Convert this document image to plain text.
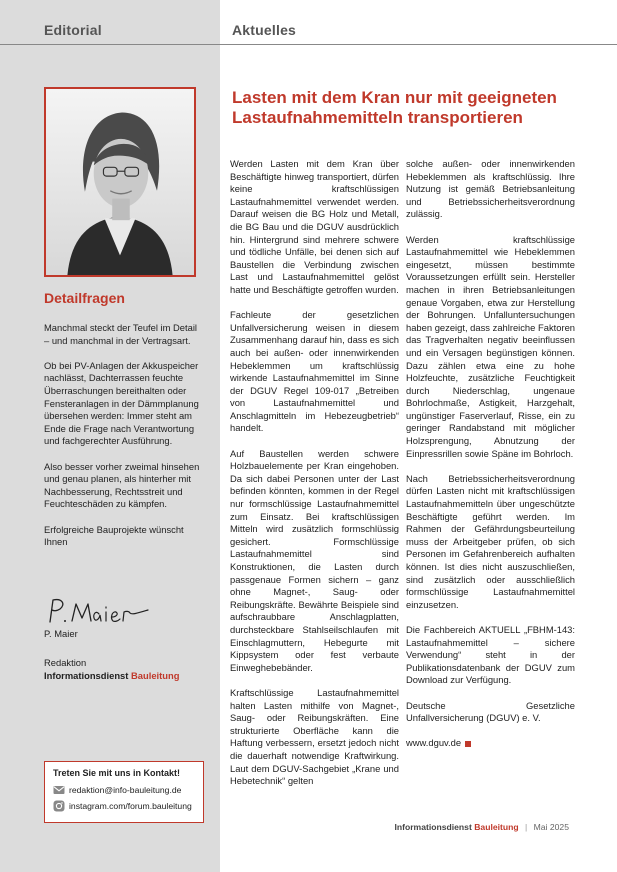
Editorial
Detailfragen

Manchmal steckt der Teufel im Detail – und manchmal in der Vertragsart.

Ob bei PV-Anlagen der Akkuspeicher nachlässt, Dachterrassen feuchte Überraschungen bereithalten oder Fensteranlagen in der Dämmplanung übersehen werden: Immer steht am Ende die Frage nach Verantwortung und fachgerechter Ausführung.

Also besser vorher zweimal hinsehen und genau planen, als hinterher mit Nachbesserung, Rechtsstreit und Feuchteschäden zu kämpfen.

Erfolgreiche Bauprojekte wünscht Ihnen

P. Maier
Redaktion
Informationsdienst Bauleitung
Treten Sie mit uns in Kontakt!
redaktion@info-bauleitung.de
instagram.com/forum.bauleitung
Aktuelles
Lasten mit dem Kran nur mit geeigneten Lastaufnahmemitteln transportieren

Werden Lasten mit dem Kran über Beschäftigte hinweg transportiert, dürfen keine kraftschlüssigen Lastaufnahmemittel verwendet werden. Darauf weisen die BG Holz und Metall, die BG Bau und die DGUV ausdrücklich hin. Hintergrund sind mehrere schwere und tödliche Unfälle, bei denen sich auf Baustellen die Verbindung zwischen Last und Lastaufnahmemittel gelöst hatte und Beschäftigte getroffen wurden.

Fachleute der gesetzlichen Unfallversicherung weisen in diesem Zusammenhang darauf hin, dass es sich auch bei außen- oder innenwirkenden Hebeklemmen um kraftschlüssig wirkende Lastaufnahmemittel im Sinne der DGUV Regel 109-017 „Betreiben von Lastaufnahmemittel und Anschlagmitteln im Hebezeugbetrieb“ handelt.

Auf Baustellen werden schwere Holzbauelemente per Kran eingehoben. Da sich dabei Personen unter der Last befinden könnten, kommen in der Regel nur formschlüssige Lastaufnahmemittel zum Einsatz. Bei kraftschlüssigen Mitteln wird zusätzlich formschlüssig gesichert. Formschlüssige Lastaufnahmemittel sind Konstruktionen, die Lasten durch passgenaue Formen sichern – ganz ohne Magnet-, Saug- oder Reibungskräfte. Bewährte Beispiele sind aufschraubbare Anschlagplatten, durchsteckbare Stahlseilschlaufen mit Einschlagmuttern, Hebegurte mit Kippsystem oder fest verbaute Einweghebebänder.

Kraftschlüssige Lastaufnahmemittel halten Lasten mithilfe von Magnet-, Saug- oder Reibungskräften. Eine strukturierte Oberfläche kann die Haftung verbessern, ersetzt jedoch nicht die dauerhaft notwendige Kraftwirkung. Laut dem DGUV-Sachgebiet „Krane und Hebetechnik“ gelten

solche außen- oder innenwirkenden Hebeklemmen als kraftschlüssig. Ihre Nutzung ist gemäß Betriebsanleitung und Betriebssicherheitsverordnung zulässig.

Werden kraftschlüssige Lastaufnahmemittel wie Hebeklemmen eingesetzt, müssen bestimmte Voraussetzungen erfüllt sein. Hersteller machen in ihren Betriebsanleitungen genaue Vorgaben, etwa zur Herstellung der Bohrungen. Unfalluntersuchungen haben gezeigt, dass zahlreiche Faktoren das Tragverhalten negativ beeinflussen und ein Versagen begünstigen können. Dazu zählen etwa eine zu hohe Holzfeuchte, zusätzliche Feuchtigkeit durch Niederschlag, ungenaue Bohrlochmaße, Astigkeit, Harzgehalt, ungünstiger Faserverlauf, Risse, ein zu geringer Randabstand mit möglicher Holzsprengung, Abnutzung der Einpressrillen sowie Späne im Bohrloch.

Nach Betriebssicherheitsverordnung dürfen Lasten nicht mit kraftschlüssigen Lastaufnahmemitteln über ungeschützte Beschäftigte geführt werden. Im Rahmen der Gefährdungsbeurteilung muss der Arbeitgeber prüfen, ob sich Personen im Gefahrenbereich aufhalten können. Ist dies nicht auszuschließen, sind zusätzlich oder ausschließlich formschlüssige Lastaufnahmemittel einzusetzen.

Die Fachbereich AKTUELL „FBHM-143: Lastaufnahmemittel – sichere Verwendung“ steht in der Publikationsdatenbank der DGUV zum Download zur Verfügung.

Deutsche Gesetzliche Unfallversicherung (DGUV) e. V.

www.dguv.de

Informationsdienst Bauleitung | Mai 2025
